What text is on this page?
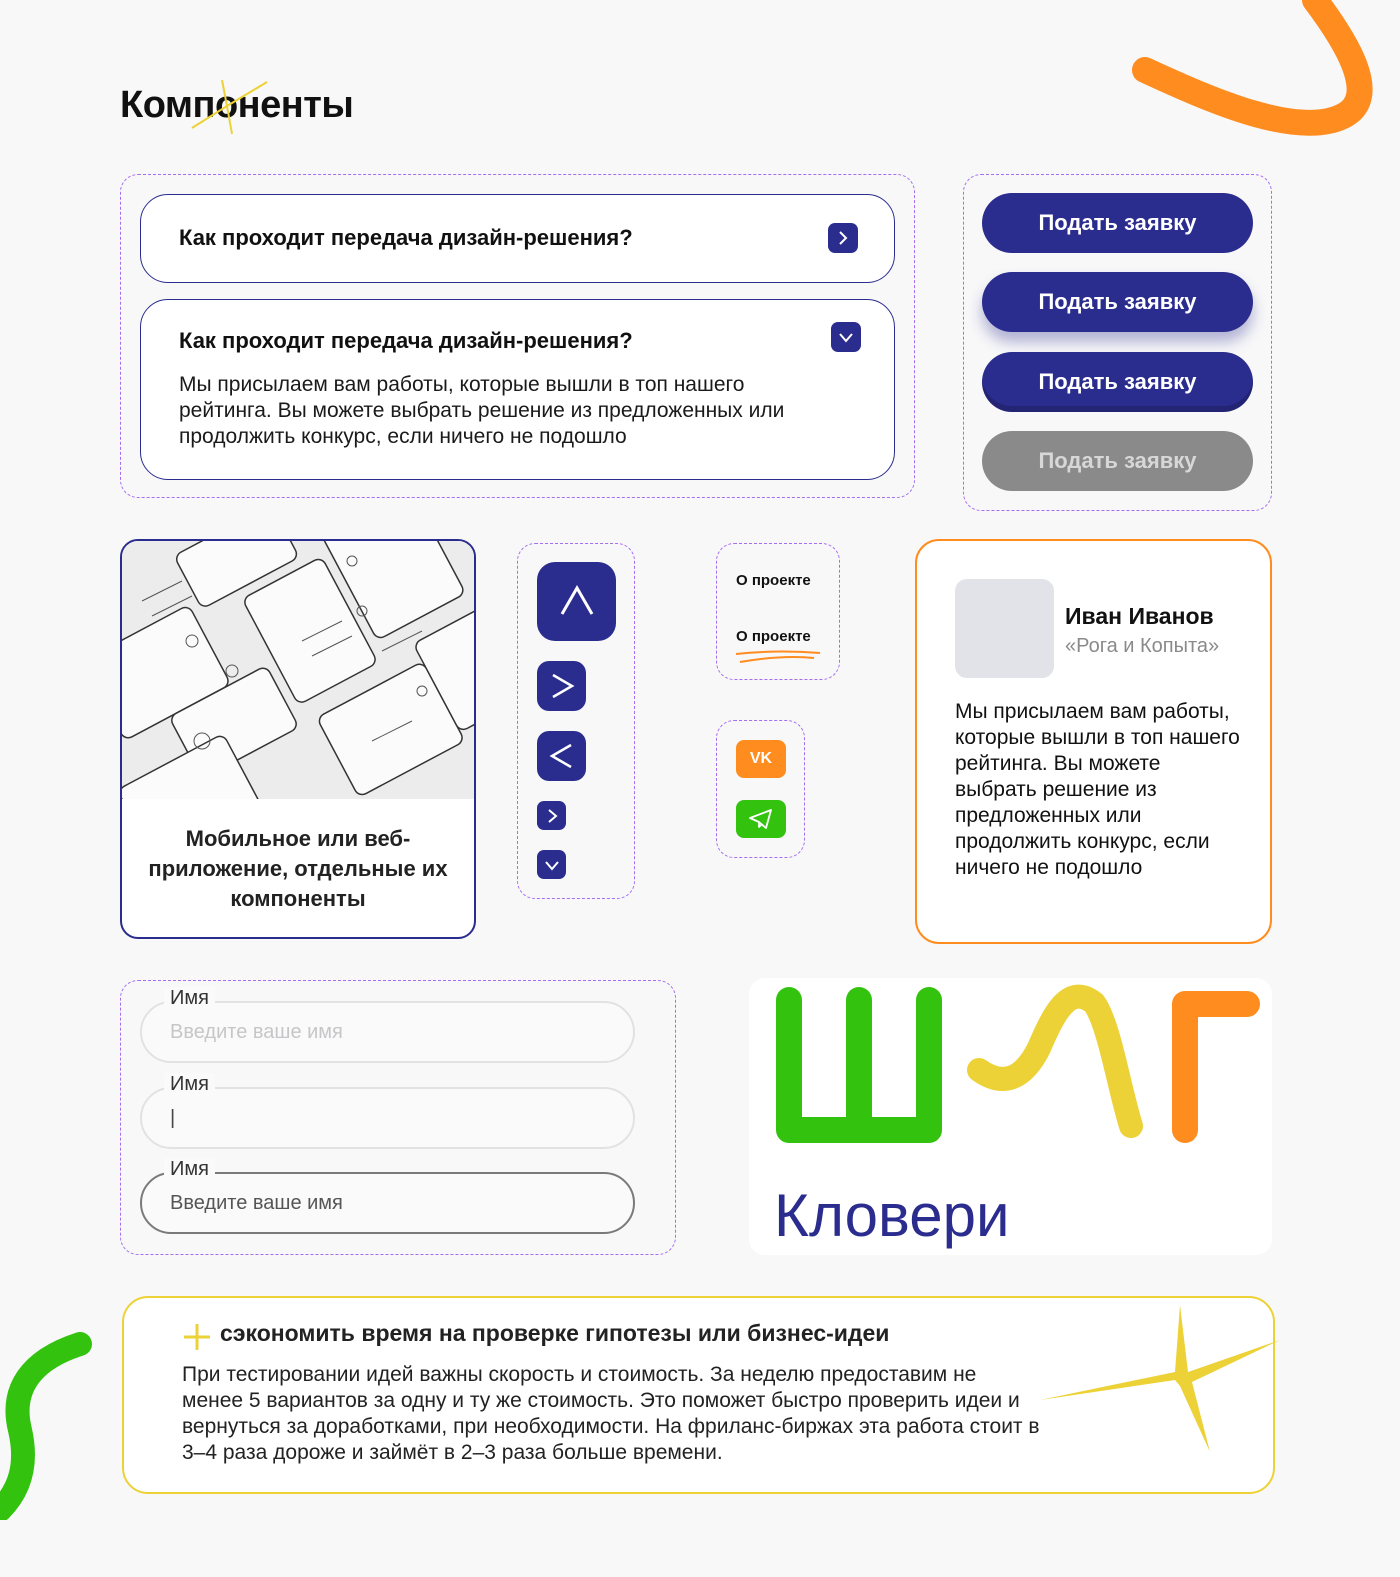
Компоненты
Как проходит передача дизайн-решения?
Как проходит передача дизайн-решения?
Мы присылаем вам работы, которые вышли в топ нашего рейтинга. Вы можете выбрать решение из предложенных или продолжить конкурс, если ничего не подошло
Подать заявку
Подать заявку
Подать заявку
Подать заявку
Мобильное или веб-приложение, отдельные их компоненты
О проекте
О проекте
VK
Иван Иванов
«Рога и Копыта»
Мы присылаем вам работы, которые вышли в топ нашего рейтинга. Вы можете выбрать решение из предложенных или продолжить конкурс, если ничего не подошло
Имя
Введите ваше имя
Имя
|
Имя
Введите ваше имя
Кловери
сэкономить время на проверке гипотезы или бизнес-идеи
При тестировании идей важны скорость и стоимость. За неделю предоставим не менее 5 вариантов за одну и ту же стоимость. Это поможет быстро проверить идеи и вернуться за доработками, при необходимости. На фриланс-биржах эта работа стоит в 3–4 раза дороже и займёт в 2–3 раза больше времени.
